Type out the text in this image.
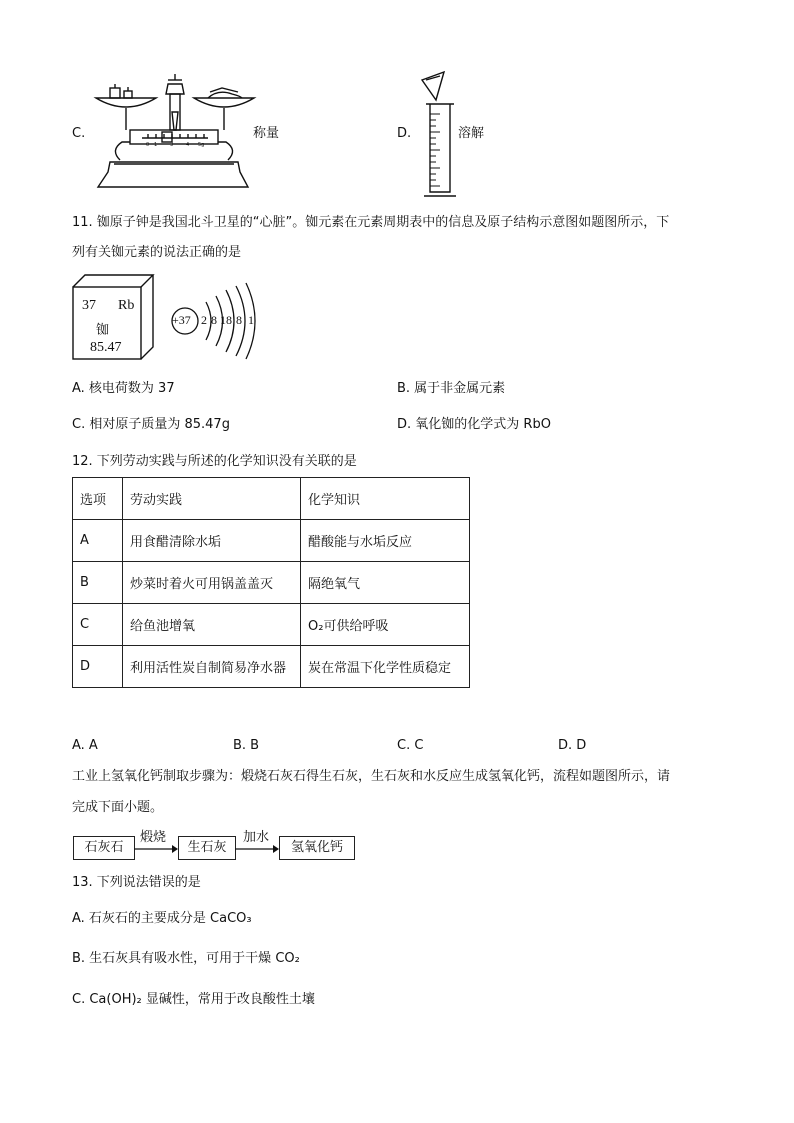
C.
0 1	3	4 5g
称量	D.	溶解
11. 铷原子钟是我国北斗卫星的“心脏”。铷元素在元素周期表中的信息及原子结构示意图如题图所示，下
列有关铷元素的说法正确的是
37 Rb
铷
85.47
+37 2 8 18 8 1
A. 核电荷数为 37	B. 属于非金属元素
C. 相对原子质量为 85.47g	D. 氧化铷的化学式为 RbO
12. 下列劳动实践与所述的化学知识没有关联的是
选项	劳动实践	化学知识
A	用食醋清除水垢	醋酸能与水垢反应
B	炒菜时着火可用锅盖盖灭	隔绝氧气
C	给鱼池增氧	O₂可供给呼吸
D	利用活性炭自制简易净水器	炭在常温下化学性质稳定
A. A	B. B	C. C	D. D
工业上氢氧化钙制取步骤为：煅烧石灰石得生石灰，生石灰和水反应生成氢氧化钙，流程如题图所示，请
完成下面小题。
石灰石
煅烧
生石灰
加水
氢氧化钙
13. 下列说法错误的是
A. 石灰石的主要成分是 CaCO₃
B. 生石灰具有吸水性，可用于干燥 CO₂
C. Ca(OH)₂ 显碱性，常用于改良酸性土壤
